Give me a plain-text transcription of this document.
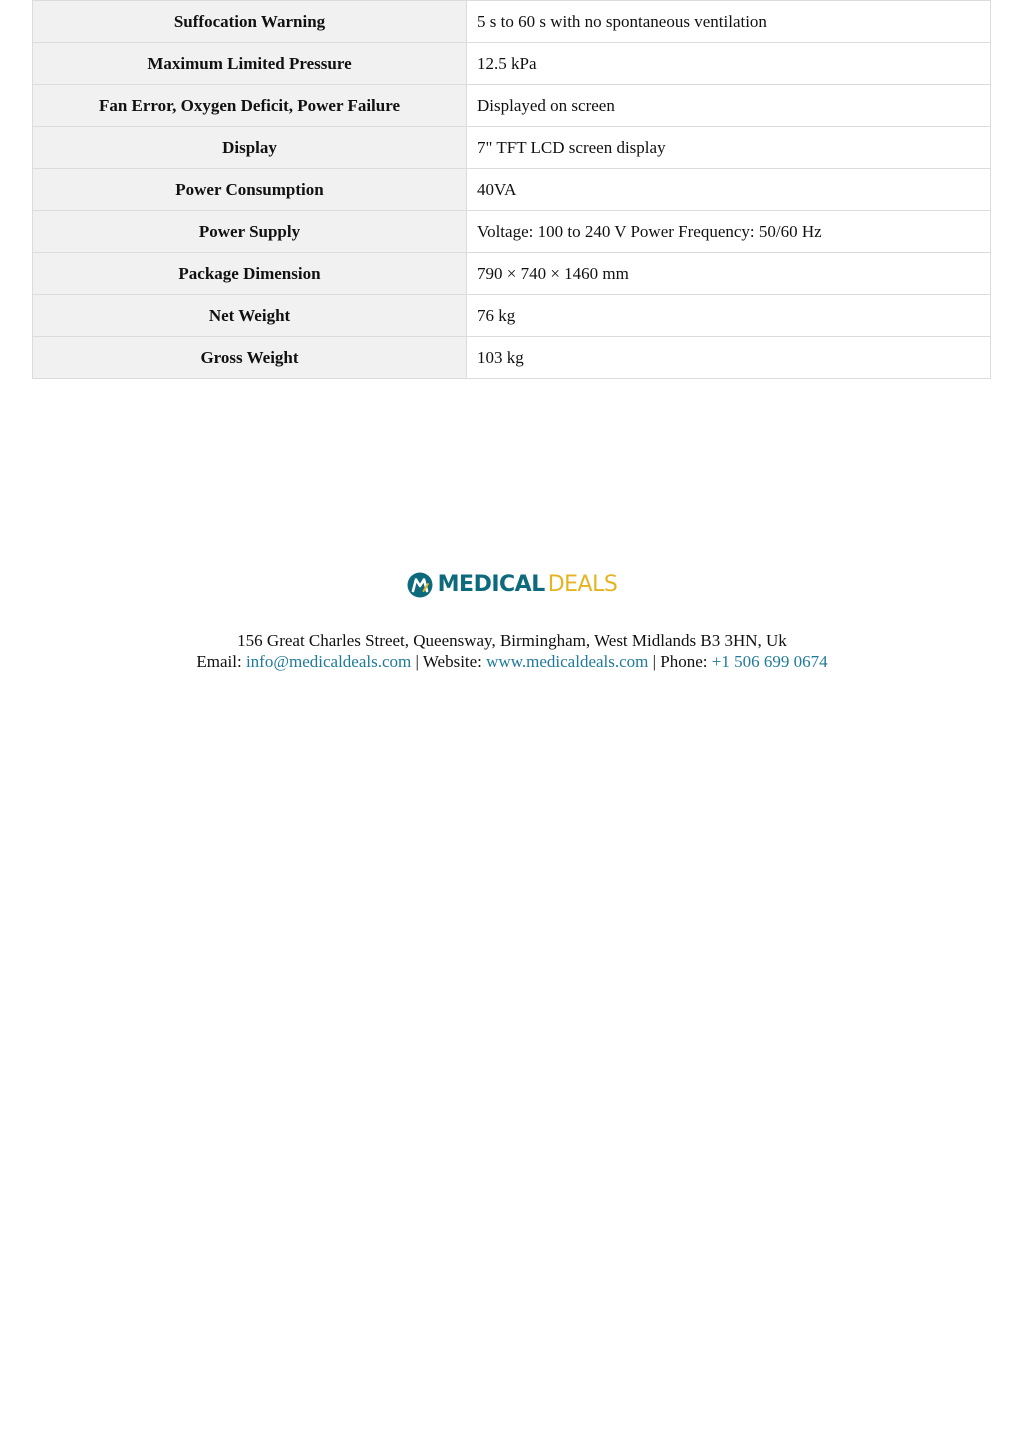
Suffocation Warning	5 s to 60 s with no spontaneous ventilation
Maximum Limited Pressure	12.5 kPa
Fan Error, Oxygen Deficit, Power Failure	Displayed on screen
Display	7" TFT LCD screen display
Power Consumption	40VA
Power Supply	Voltage: 100 to 240 V Power Frequency: 50/60 Hz
Package Dimension	790 × 740 × 1460 mm
Net Weight	76 kg
Gross Weight	103 kg
MEDICAL DEALS
156 Great Charles Street, Queensway, Birmingham, West Midlands B3 3HN, Uk
Email: info@medicaldeals.com | Website: www.medicaldeals.com | Phone: +1 506 699 0674
